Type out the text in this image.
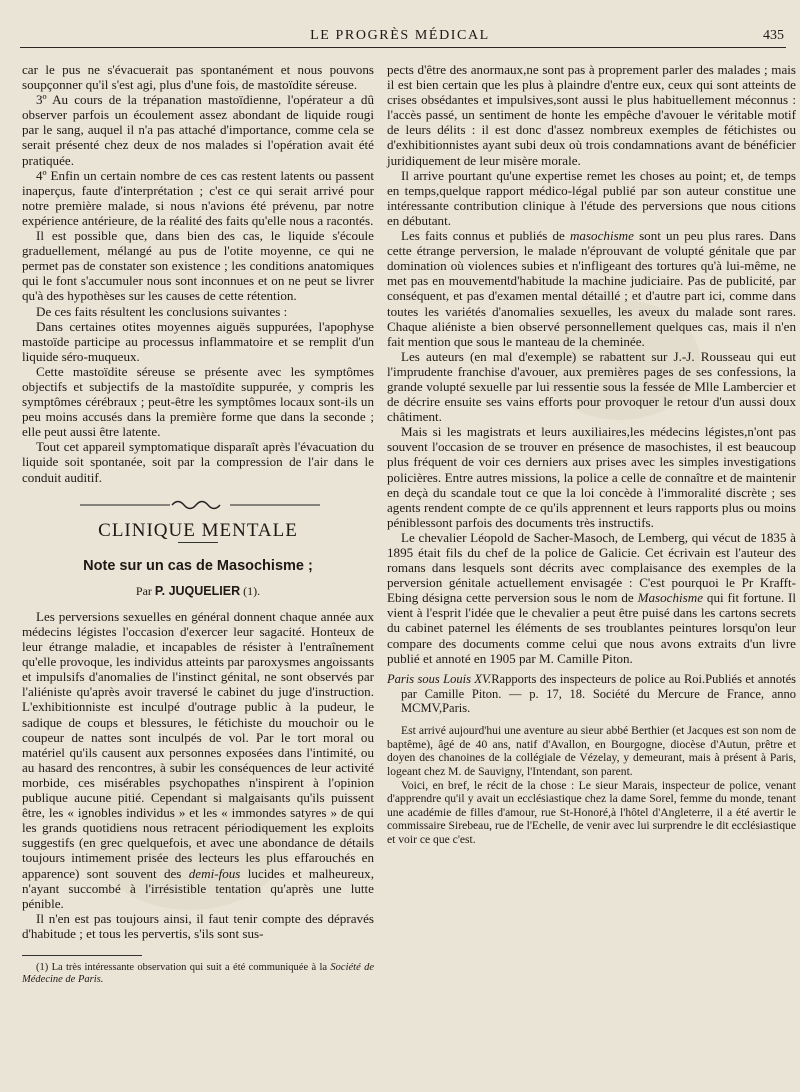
LE PROGRÈS MÉDICAL	435

car le pus ne s'évacuerait pas spontanément et nous pouvons soupçonner qu'il s'est agi, plus d'une fois, de mastoïdite séreuse.

3º Au cours de la trépanation mastoïdienne, l'opérateur a dû observer parfois un écoulement assez abondant de liquide rougi par le sang, auquel il n'a pas attaché d'importance, comme cela se serait présenté chez deux de nos malades si l'opération avait été pratiquée.

4º Enfin un certain nombre de ces cas restent latents ou passent inaperçus, faute d'interprétation ; c'est ce qui serait arrivé pour notre première malade, si nous n'avions été prévenu, par notre expérience antérieure, de la réalité des faits qu'elle nous a racontés.

Il est possible que, dans bien des cas, le liquide s'écoule graduellement, mélangé au pus de l'otite moyenne, ce qui ne permet pas de constater son existence ; les conditions anatomiques qui le font s'accumuler nous sont inconnues et on ne peut se livrer qu'à des hypothèses sur les causes de cette rétention.

De ces faits résultent les conclusions suivantes :

Dans certaines otites moyennes aiguës suppurées, l'apophyse mastoïde participe au processus inflammatoire et se remplit d'un liquide séro-muqueux.

Cette mastoïdite séreuse se présente avec les symptômes objectifs et subjectifs de la mastoïdite suppurée, y compris les symptômes cérébraux ; peut-être les symptômes locaux sont-ils un peu moins accusés dans la première forme que dans la seconde ; elle peut aussi être latente.

Tout cet appareil symptomatique disparaît après l'évacuation du liquide soit spontanée, soit par la compression de l'air dans le conduit auditif.

CLINIQUE MENTALE
Note sur un cas de Masochisme ;
Par P. JUQUELIER (1).

Les perversions sexuelles en général donnent chaque année aux médecins légistes l'occasion d'exercer leur sagacité. Honteux de leur étrange maladie, et incapables de résister à l'entraînement qu'elle provoque, les individus atteints par paroxysmes angoissants et impulsifs d'anomalies de l'instinct génital, ne sont observés par l'aliéniste qu'après avoir traversé le cabinet du juge d'instruction. L'exhibitionniste est inculpé d'outrage public à la pudeur, le sadique de coups et blessures, le fétichiste du mouchoir ou le coupeur de nattes sont inculpés de vol. Par le tort moral ou matériel qu'ils causent aux personnes exposées dans l'intimité, ou au hasard des rencontres, à subir les conséquences de leur activité morbide, ces misérables psychopathes n'inspirent à l'opinion publique aucune pitié. Cependant si malgaisants qu'ils puissent être, les « ignobles individus » et les « immondes satyres » de qui les grands quotidiens nous retracent périodiquement les exploits suggestifs (en grec quelquefois, et avec une abondance de détails toujours intimement prisée des lecteurs les plus effarouchés en apparence) sont souvent des demi-fous lucides et malheureux, n'ayant succombé à l'irrésistible tentation qu'après une lutte pénible.

Il n'en est pas toujours ainsi, il faut tenir compte des dépravés d'habitude ; et tous les pervertis, s'ils sont sus-

(1) La très intéressante observation qui suit a été communiquée à la Société de Médecine de Paris.

pects d'être des anormaux,ne sont pas à proprement parler des malades ; mais il est bien certain que les plus à plaindre d'entre eux, ceux qui sont atteints de crises obsédantes et impulsives,sont aussi le plus habituellement méconnus : l'accès passé, un sentiment de honte les empêche d'avouer le véritable motif de leurs délits : il est donc d'assez nombreux exemples de fétichistes ou d'exhibitionnistes ayant subi deux où trois condamnations avant de bénéficier juridiquement de leur misère morale.

Il arrive pourtant qu'une expertise remet les choses au point; et, de temps en temps,quelque rapport médico-légal publié par son auteur constitue une intéressante contribution clinique à l'étude des perversions que nous citions en débutant.

Les faits connus et publiés de masochisme sont un peu plus rares. Dans cette étrange perversion, le malade n'éprouvant de volupté génitale que par domination où violences subies et n'infligeant des tortures qu'à lui-même, ne met pas en mouvementd'habitude la machine judiciaire. Pas de publicité, par conséquent, et pas d'examen mental détaillé ; et d'autre part ici, comme dans toutes les variétés d'anomalies sexuelles, les aveux du malade sont rares. Chaque aliéniste a bien observé personnellement quelques cas, mais il n'en fait mention que sous le manteau de la cheminée.

Les auteurs (en mal d'exemple) se rabattent sur J.-J. Rousseau qui eut l'imprudente franchise d'avouer, aux premières pages de ses confessions, la grande volupté sexuelle par lui ressentie sous la fessée de Mlle Lambercier et de décrire ensuite ses vains efforts pour provoquer le retour d'un aussi doux châtiment.

Mais si les magistrats et leurs auxiliaires,les médecins légistes,n'ont pas souvent l'occasion de se trouver en présence de masochistes, il est beaucoup plus fréquent de voir ces derniers aux prises avec les simples investigations policières. Entre autres missions, la police a celle de connaître et de maintenir en deçà du scandale tout ce que la loi concède à l'immoralité discrète ; ses agents rendent compte de ce qu'ils apprennent et leurs rapports plus ou moins péniblessont parfois des documents très instructifs.

Le chevalier Léopold de Sacher-Masoch, de Lemberg, qui vécut de 1835 à 1895 était fils du chef de la police de Galicie. Cet écrivain est l'auteur des romans dans lesquels sont décrits avec complaisance des exemples de la perversion génitale actuellement envisagée : C'est pourquoi le Pr Krafft-Ebing désigna cette perversion sous le nom de Masochisme qui fit fortune. Il vient à l'esprit l'idée que le chevalier a peut être puisé dans les cartons secrets du cabinet paternel les éléments de ses troublantes peintures lorsqu'on leur compare des documents comme celui que nous avons extraits d'un livre publié et annoté en 1905 par M. Camille Piton.

Paris sous Louis XV.Rapports des inspecteurs de police au Roi.Publiés et annotés par Camille Piton. — p. 17, 18. Société du Mercure de France, anno MCMV,Paris.

Est arrivé aujourd'hui une aventure au sieur abbé Berthier (et Jacques est son nom de baptême), âgé de 40 ans, natif d'Avallon, en Bourgogne, diocèse d'Autun, prêtre et doyen des chanoines de la collégiale de Vézelay, y demeurant, mais à présent à Paris, logeant chez M. de Sauvigny, l'Intendant, son parent.

Voici, en bref, le récit de la chose : Le sieur Marais, inspecteur de police, venant d'apprendre qu'il y avait un ecclésiastique chez la dame Sorel, femme du monde, tenant une académie de filles d'amour, rue St-Honoré,à l'hôtel d'Angleterre, il a été avertir le commissaire Sirebeau, rue de l'Echelle, de venir avec lui surprendre le dit ecclésiastique et voir ce que c'est.
